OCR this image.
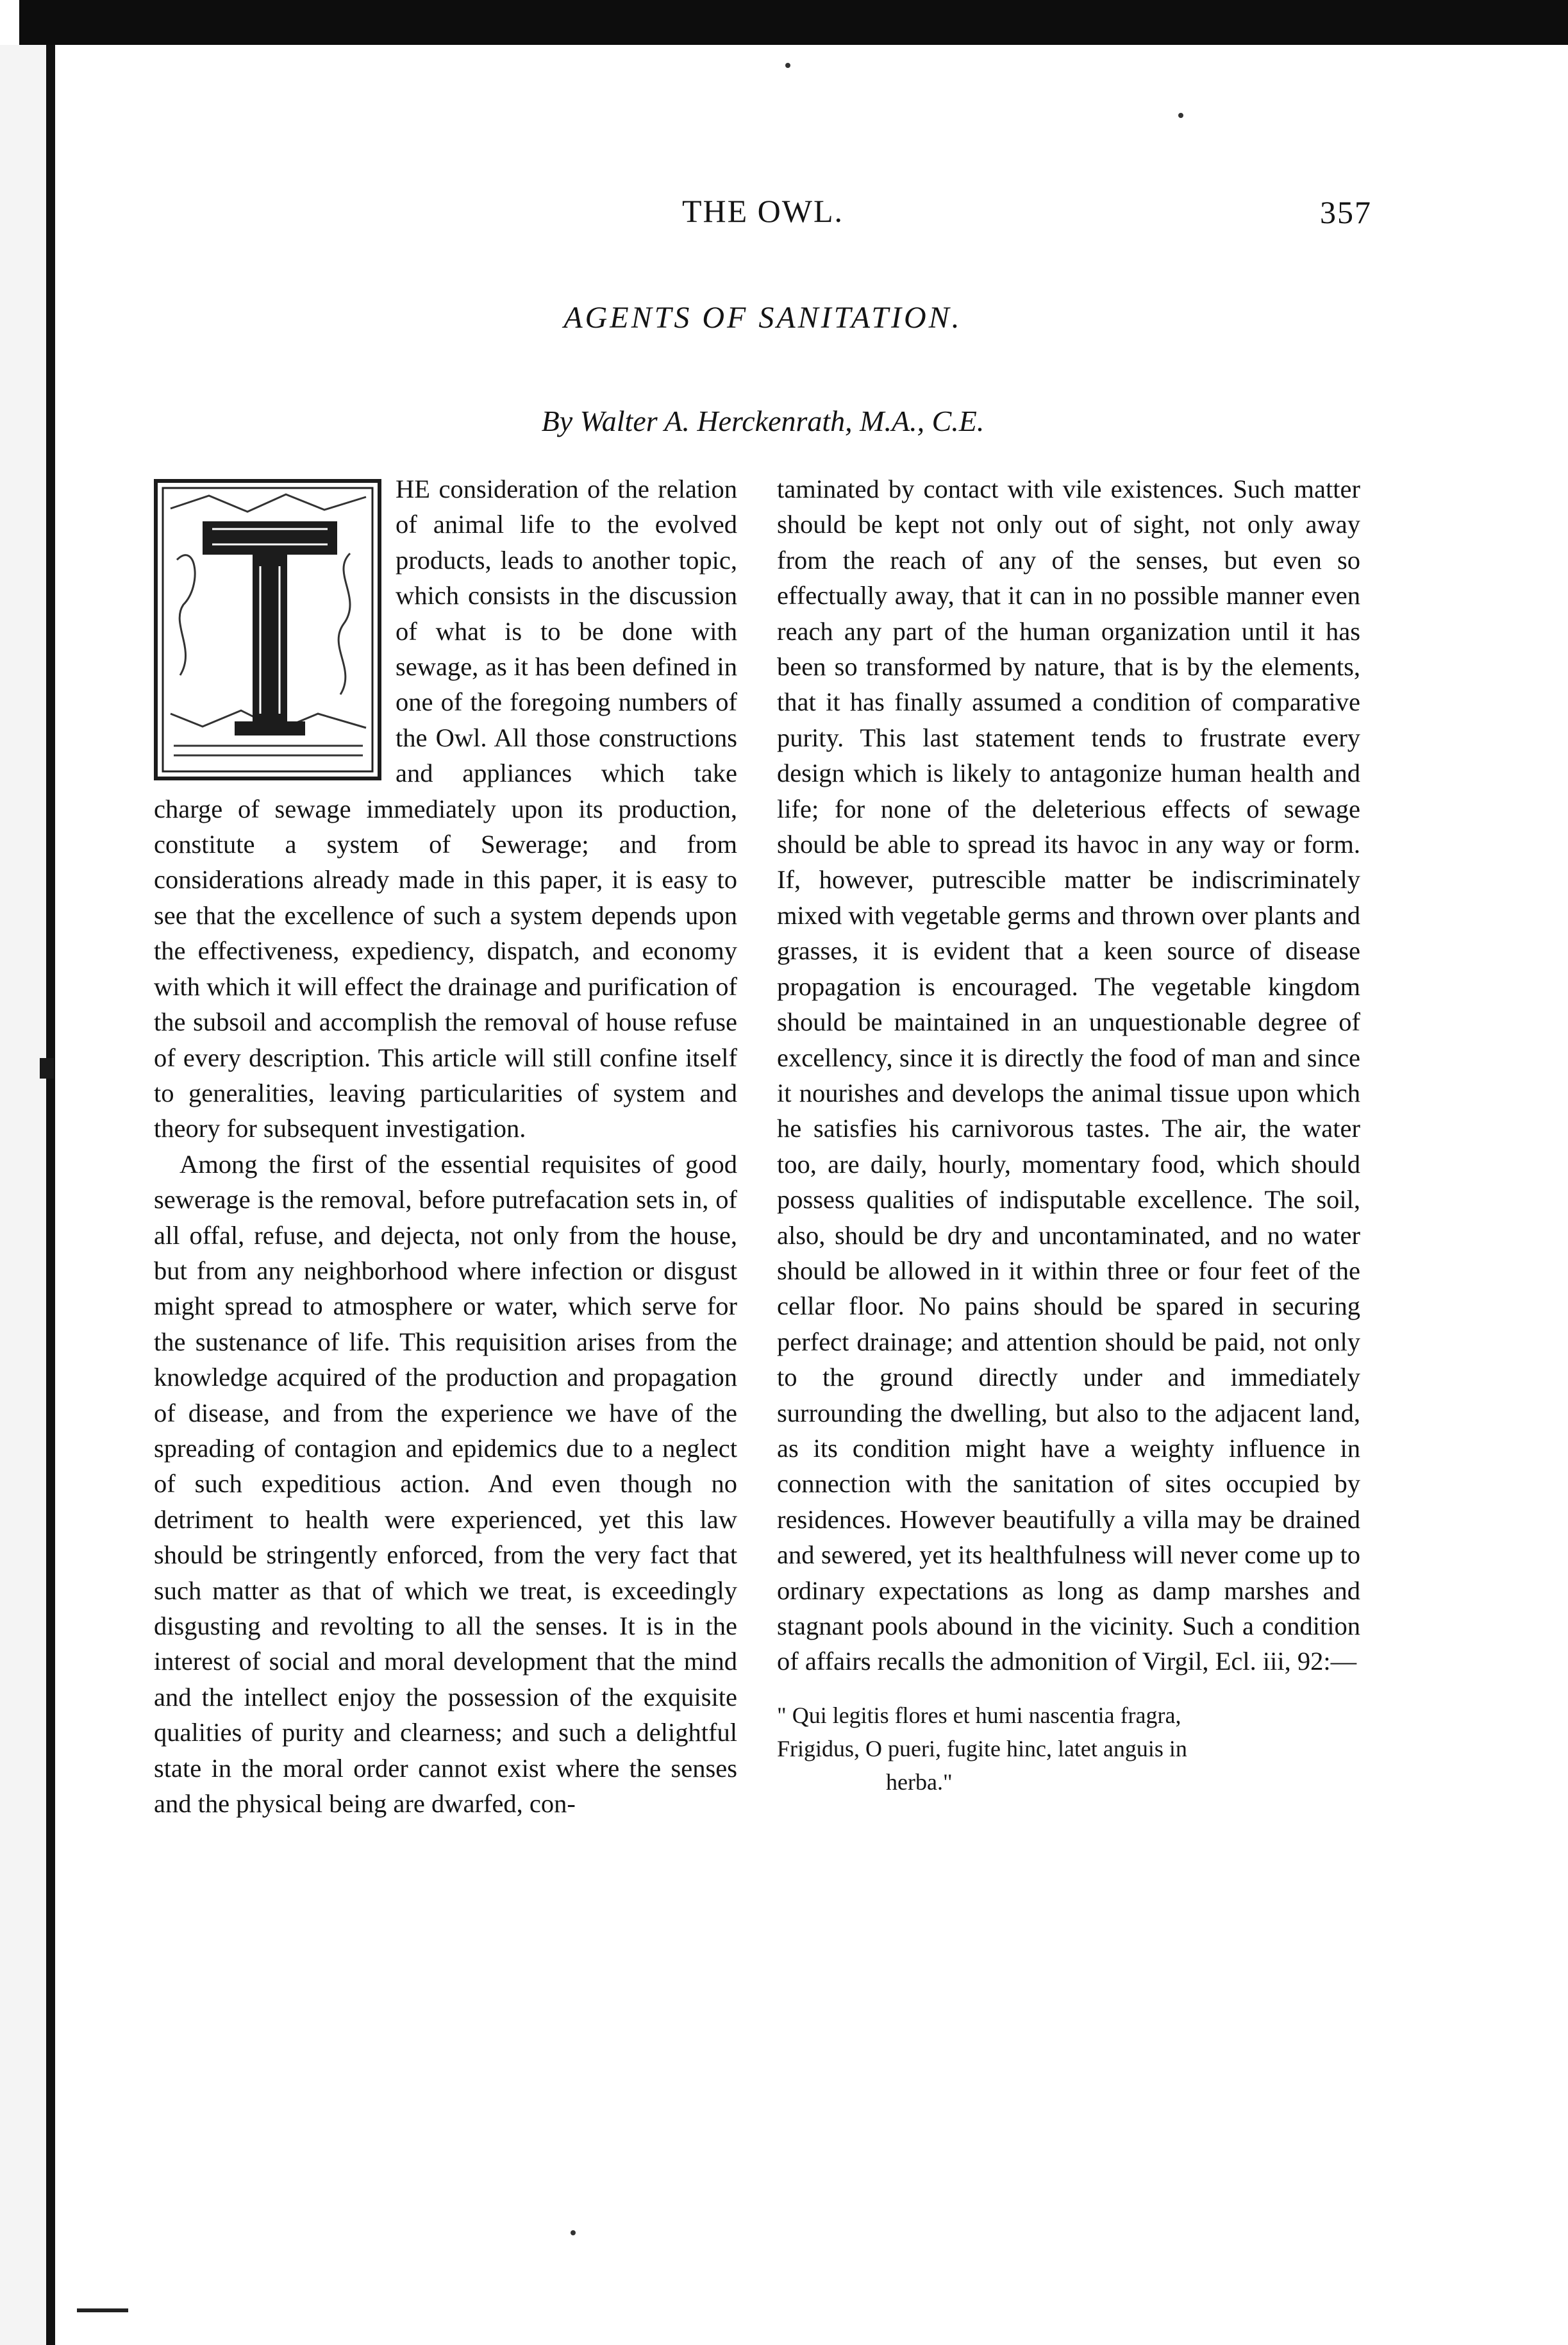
THE OWL.	357
AGENTS OF SANITATION.
By Walter A. Herckenrath, M.A., C.E.

HE consideration of the relation of animal life to the evolved products, leads to another topic, which consists in the discussion of what is to be done with sewage, as it has been defined in one of the foregoing numbers of the Owl. All those constructions and appliances which take charge of sewage immediately upon its production, constitute a system of Sewerage; and from considerations already made in this paper, it is easy to see that the excellence of such a system depends upon the effectiveness, expediency, dispatch, and economy with which it will effect the drainage and purification of the subsoil and accomplish the removal of house refuse of every description. This article will still confine itself to generalities, leaving particularities of system and theory for subsequent investigation.

Among the first of the essential requisites of good sewerage is the removal, before putrefacation sets in, of all offal, refuse, and dejecta, not only from the house, but from any neighborhood where infection or disgust might spread to atmosphere or water, which serve for the sustenance of life. This requisition arises from the knowledge acquired of the production and propagation of disease, and from the experience we have of the spreading of contagion and epidemics due to a neglect of such expeditious action. And even though no detriment to health were experienced, yet this law should be stringently enforced, from the very fact that such matter as that of which we treat, is exceedingly disgusting and revolting to all the senses. It is in the interest of social and moral development that the mind and the intellect enjoy the possession of the exquisite qualities of purity and clearness; and such a delightful state in the moral order cannot exist where the senses and the physical being are dwarfed, con-

taminated by contact with vile existences. Such matter should be kept not only out of sight, not only away from the reach of any of the senses, but even so effectually away, that it can in no possible manner even reach any part of the human organization until it has been so transformed by nature, that is by the elements, that it has finally assumed a condition of comparative purity. This last statement tends to frustrate every design which is likely to antagonize human health and life; for none of the deleterious effects of sewage should be able to spread its havoc in any way or form. If, however, putrescible matter be indiscriminately mixed with vegetable germs and thrown over plants and grasses, it is evident that a keen source of disease propagation is encouraged. The vegetable kingdom should be maintained in an unquestionable degree of excellency, since it is directly the food of man and since it nourishes and develops the animal tissue upon which he satisfies his carnivorous tastes. The air, the water too, are daily, hourly, momentary food, which should possess qualities of indisputable excellence. The soil, also, should be dry and uncontaminated, and no water should be allowed in it within three or four feet of the cellar floor. No pains should be spared in securing perfect drainage; and attention should be paid, not only to the ground directly under and immediately surrounding the dwelling, but also to the adjacent land, as its condition might have a weighty influence in connection with the sanitation of sites occupied by residences. However beautifully a villa may be drained and sewered, yet its healthfulness will never come up to ordinary expectations as long as damp marshes and stagnant pools abound in the vicinity. Such a condition of affairs recalls the admonition of Virgil, Ecl. iii, 92:—

" Qui legitis flores et humi nascentia fragra,
Frigidus, O pueri, fugite hinc, latet anguis in
herba."
